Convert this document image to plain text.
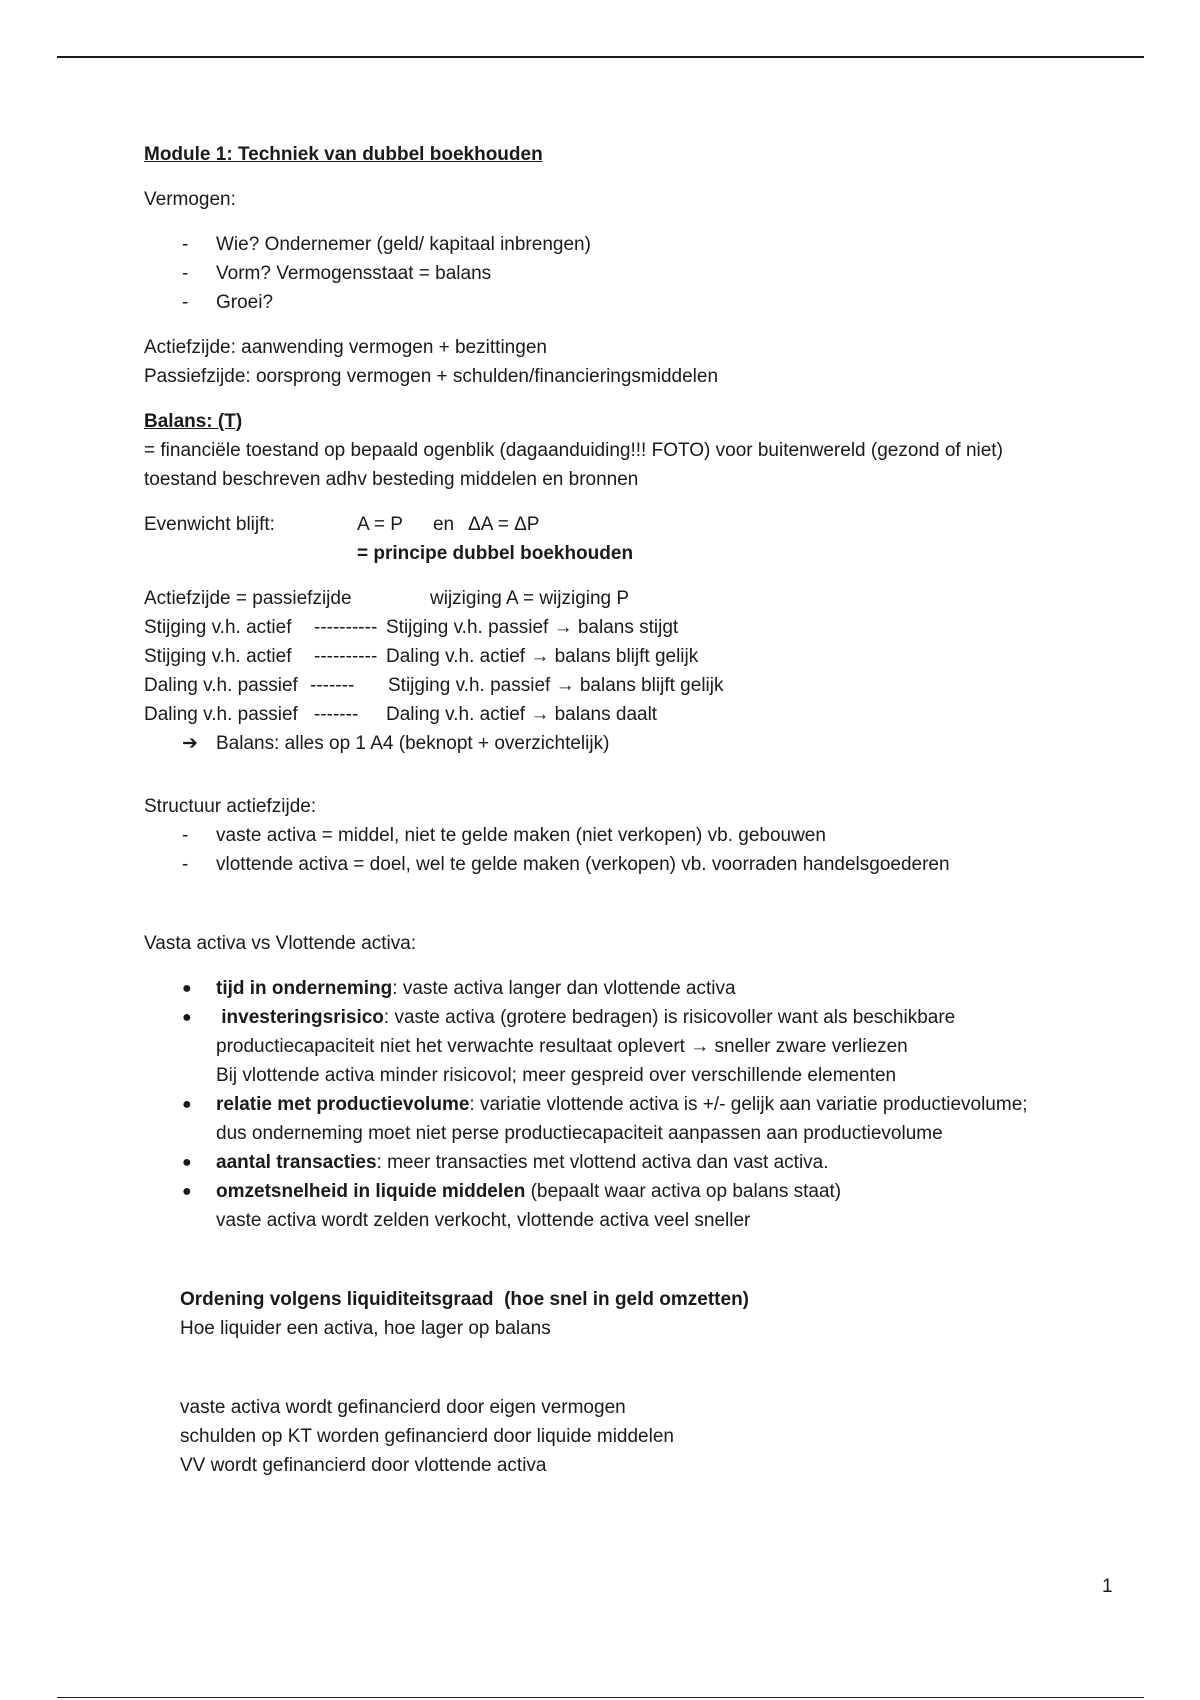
Module 1: Techniek van dubbel boekhouden
Vermogen:
- Wie? Ondernemer (geld/ kapitaal inbrengen)
- Vorm? Vermogensstaat = balans
- Groei?
Actiefzijde: aanwending vermogen + bezittingen
Passiefzijde: oorsprong vermogen + schulden/financieringsmiddelen
Balans: (T)
= financiële toestand op bepaald ogenblik (dagaanduiding!!! FOTO) voor buitenwereld (gezond of niet)
toestand beschreven adhv besteding middelen en bronnen
Evenwicht blijft:	A = P en ΔA = ΔP
= principe dubbel boekhouden
Actiefzijde = passiefzijde	wijziging A = wijziging P
Stijging v.h. actief	---------- Stijging v.h. passief → balans stijgt
Stijging v.h. actief	---------- Daling v.h. actief → balans blijft gelijk
Daling v.h. passief -------	Stijging v.h. passief → balans blijft gelijk
Daling v.h. passief -------	Daling v.h. actief → balans daalt
➔ Balans: alles op 1 A4 (beknopt + overzichtelijk)
Structuur actiefzijde:
- vaste activa = middel, niet te gelde maken (niet verkopen) vb. gebouwen
- vlottende activa = doel, wel te gelde maken (verkopen) vb. voorraden handelsgoederen
Vasta activa vs Vlottende activa:
● tijd in onderneming: vaste activa langer dan vlottende activa
● investeringsrisico: vaste activa (grotere bedragen) is risicovoller want als beschikbare
productiecapaciteit niet het verwachte resultaat oplevert → sneller zware verliezen
Bij vlottende activa minder risicovol; meer gespreid over verschillende elementen
● relatie met productievolume: variatie vlottende activa is +/- gelijk aan variatie productievolume;
dus onderneming moet niet perse productiecapaciteit aanpassen aan productievolume
● aantal transacties: meer transacties met vlottend activa dan vast activa.
● omzetsnelheid in liquide middelen (bepaalt waar activa op balans staat)
vaste activa wordt zelden verkocht, vlottende activa veel sneller
Ordening volgens liquiditeitsgraad  (hoe snel in geld omzetten)
Hoe liquider een activa, hoe lager op balans
vaste activa wordt gefinancierd door eigen vermogen
schulden op KT worden gefinancierd door liquide middelen
VV wordt gefinancierd door vlottende activa
1
